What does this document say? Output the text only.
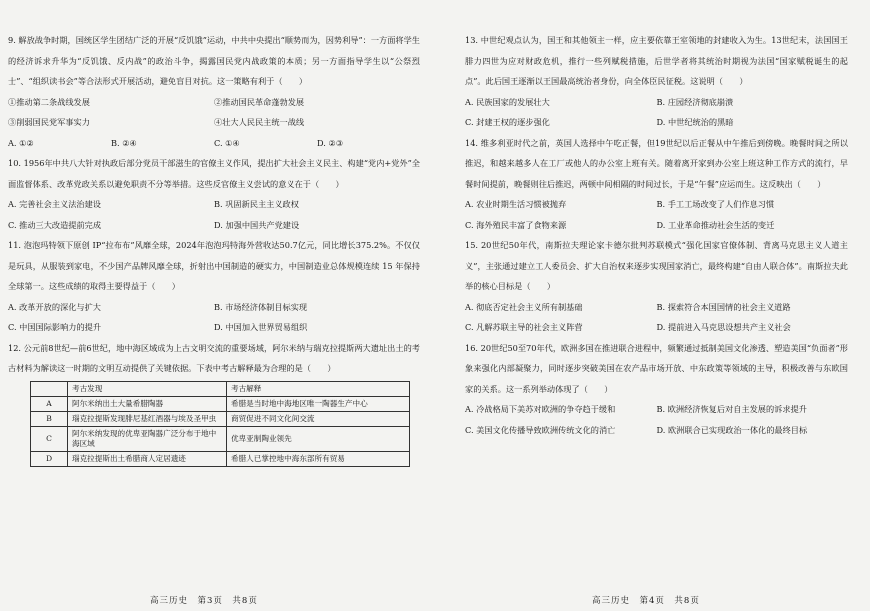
9. 解放战争时期，国统区学生团结广泛的开展“反饥饿”运动，中共中央提出“顺势而为，因势利导”：一方面将学生的经济诉求升华为“反饥饿、反内战”的政治斗争，揭露国民党内战政策的本质；另一方面指导学生以“公祭烈士”、“组织读书会”等合法形式开展活动，避免盲目对抗。这一策略有利于（　　）
①推动第二条战线发展	②推动国民革命蓬勃发展
③削弱国民党军事实力	④壮大人民民主统一战线
A. ①②	B. ②④	C. ①④	D. ②③
10. 1956年中共八大针对执政后部分党员干部滋生的官僚主义作风，提出扩大社会主义民主、构建“党内+党外”全面监督体系、改革党政关系以避免职责不分等举措。这些反官僚主义尝试的意义在于（　　）
A. 完善社会主义法治建设	B. 巩固新民主主义政权
C. 推动三大改造提前完成	D. 加强中国共产党建设
11. 泡泡玛特领下原创 IP“拉布布”风靡全球，2024年泡泡玛特海外营收达50.7亿元，同比增长375.2%。不仅仅是玩具，从服装到家电，不少国产品牌风靡全球，折射出中国制造的硬实力，中国制造业总体规模连续 15 年保持全球第一。这些成绩的取得主要得益于（　　）
A. 改革开放的深化与扩大	B. 市场经济体制目标实现
C. 中国国际影响力的提升	D. 中国加入世界贸易组织
12. 公元前8世纪—前6世纪，地中海区域成为上古文明交流的重要场域，阿尔米纳与瑞克拉提斯两大遗址出土的考古材料为解读这一时期的文明互动提供了关键依据。下表中考古解释最为合理的是（　　）
	考古发现	考古解释
A	阿尔米纳出土大量希腊陶器	希腊是当时地中海地区唯一陶器生产中心
B	瑙克拉提斯发现腓尼基红酒器与埃及圣甲虫	商贸促进不同文化间交流
C	阿尔米纳发现的优卑亚陶器广泛分布于地中海区域	优卑亚制陶业领先
D	瑙克拉提斯出土希腊商人定居遗迹	希腊人已掌控地中海东部所有贸易
高三历史　第3页　共8页
13. 中世纪观点认为，国王和其他领主一样，应主要依靠王室领地的封建收入为生。13世纪末，法国国王腓力四世为应对财政危机，推行一些列赋税措施，后世学者将其统治时期视为法国“国家赋税诞生的起点”。此后国王逐渐以王国最高统治者身份，向全体臣民征税。这说明（　　）
A. 民族国家的发展壮大	B. 庄园经济彻底崩溃
C. 封建王权的逐步强化	D. 中世纪统治的黑暗
14. 维多利亚时代之前，英国人选择中午吃正餐，但19世纪以后正餐从中午推后到傍晚。晚餐时间之所以推迟，和越来越多人在工厂或他人的办公室上班有关。随着离开家到办公室上班这种工作方式的流行，早餐时间提前，晚餐则往后推迟，两顿中间相隔的时间过长，于是“午餐”应运而生。这反映出（　　）
A. 农业时期生活习惯被抛弃	B. 手工工场改变了人们作息习惯
C. 海外殖民丰富了食物来源	D. 工业革命推动社会生活的变迁
15. 20世纪50年代，南斯拉夫理论家卡德尔批判苏联模式“强化国家官僚体制、背离马克思主义人道主义”，主张通过建立工人委员会、扩大自治权来逐步实现国家消亡，最终构建“自由人联合体”。南斯拉夫此举的核心目标是（　　）
A. 彻底否定社会主义所有制基础	B. 探索符合本国国情的社会主义道路
C. 凡解苏联主导的社会主义阵营	D. 提前进入马克思设想共产主义社会
16. 20世纪50至70年代，欧洲多国在推进联合进程中，频繁通过抵制美国文化渗透、塑造美国“负面者”形象来强化内部凝聚力，同时逐步突破美国在农产品市场开放、中东政策等领域的主导，积极改善与东欧国家的关系。这一系列举动体现了（　　）
A. 冷战格局下美苏对欧洲的争夺趋于缓和	B. 欧洲经济恢复后对自主发展的诉求提升
C. 美国文化传播导致欧洲传统文化的消亡	D. 欧洲联合已实现政治一体化的最终目标
高三历史　第4页　共8页
